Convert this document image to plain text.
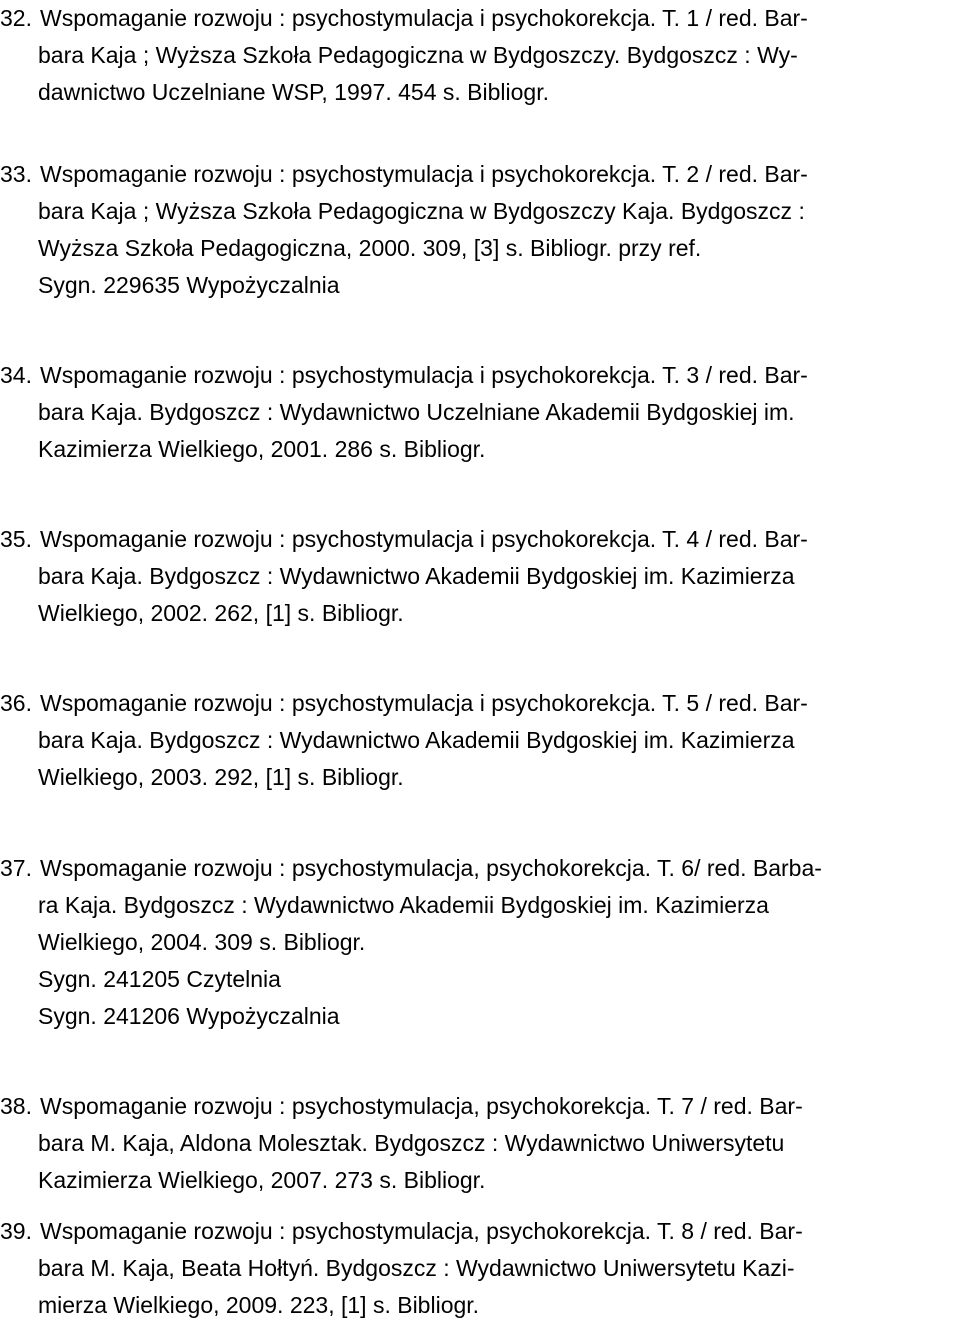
32. Wspomaganie rozwoju : psychostymulacja i psychokorekcja. T. 1 / red. Bar-
bara Kaja ; Wyższa Szkoła Pedagogiczna w Bydgoszczy. Bydgoszcz : Wy-
dawnictwo Uczelniane WSP, 1997. 454 s. Bibliogr.
33. Wspomaganie rozwoju : psychostymulacja i psychokorekcja. T. 2 / red. Bar-
bara Kaja ; Wyższa Szkoła Pedagogiczna w Bydgoszczy Kaja. Bydgoszcz :
Wyższa Szkoła Pedagogiczna, 2000. 309, [3] s. Bibliogr. przy ref.
Sygn. 229635 Wypożyczalnia
34. Wspomaganie rozwoju : psychostymulacja i psychokorekcja. T. 3 / red. Bar-
bara Kaja. Bydgoszcz : Wydawnictwo Uczelniane Akademii Bydgoskiej im.
Kazimierza Wielkiego, 2001. 286 s. Bibliogr.
35. Wspomaganie rozwoju : psychostymulacja i psychokorekcja. T. 4 / red. Bar-
bara Kaja. Bydgoszcz : Wydawnictwo Akademii Bydgoskiej im. Kazimierza
Wielkiego, 2002. 262, [1] s. Bibliogr.
36. Wspomaganie rozwoju : psychostymulacja i psychokorekcja. T. 5 / red. Bar-
bara Kaja. Bydgoszcz : Wydawnictwo Akademii Bydgoskiej im. Kazimierza
Wielkiego, 2003. 292, [1] s. Bibliogr.
37. Wspomaganie rozwoju : psychostymulacja, psychokorekcja. T. 6/ red. Barba-
ra Kaja. Bydgoszcz : Wydawnictwo Akademii Bydgoskiej im. Kazimierza
Wielkiego, 2004. 309 s. Bibliogr.
Sygn. 241205 Czytelnia
Sygn. 241206 Wypożyczalnia
38. Wspomaganie rozwoju : psychostymulacja, psychokorekcja. T. 7 / red. Bar-
bara M. Kaja, Aldona Molesztak. Bydgoszcz : Wydawnictwo Uniwersytetu
Kazimierza Wielkiego, 2007. 273 s. Bibliogr.
39. Wspomaganie rozwoju : psychostymulacja, psychokorekcja. T. 8 / red. Bar-
bara M. Kaja, Beata Hołtyń. Bydgoszcz : Wydawnictwo Uniwersytetu Kazi-
mierza Wielkiego, 2009. 223, [1] s. Bibliogr.
